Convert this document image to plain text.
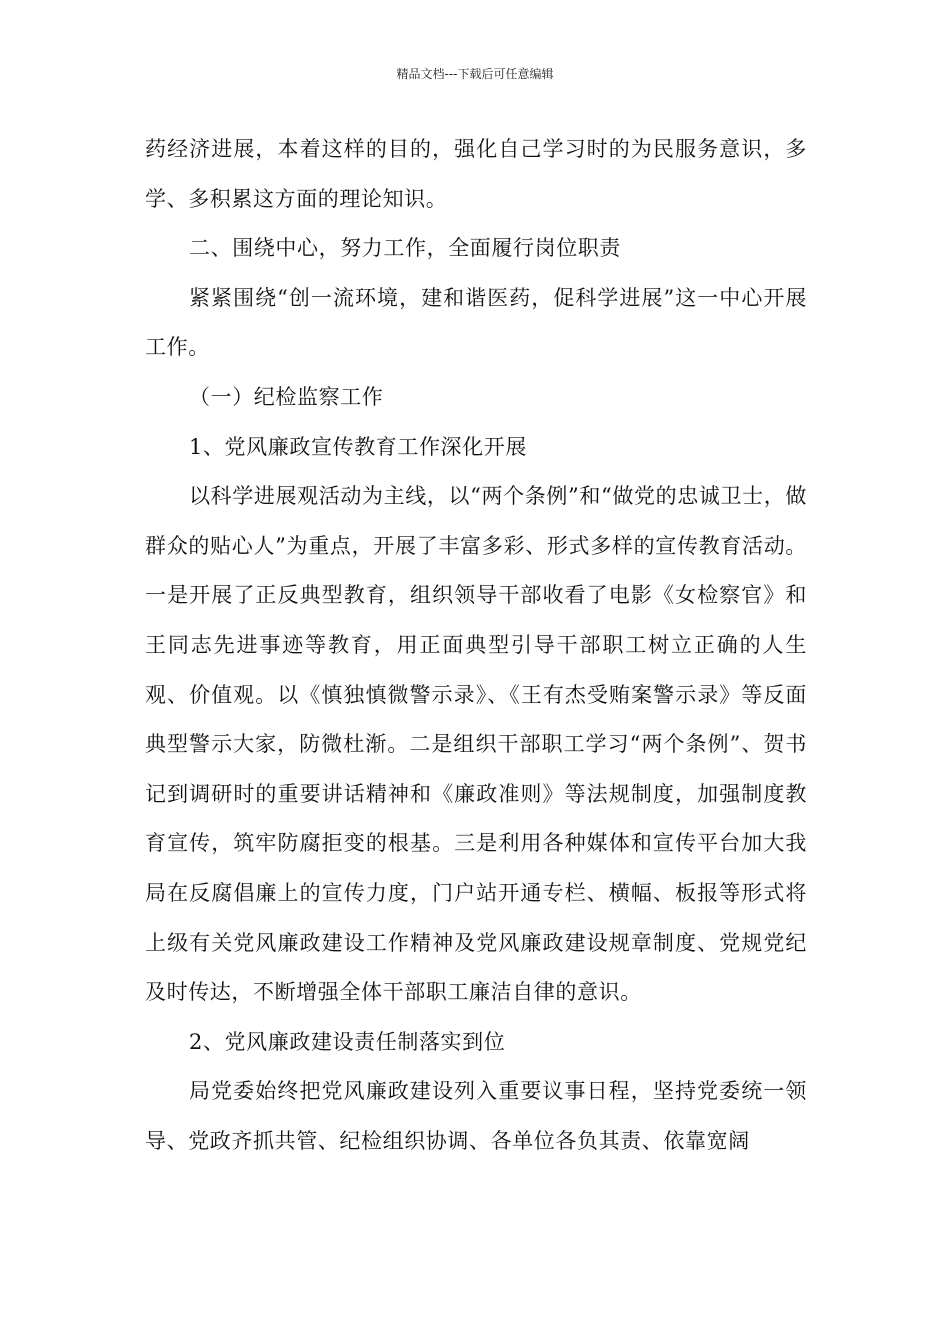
精品文档---下载后可任意编辑

药经济进展，本着这样的目的，强化自己学习时的为民服务意识，多学、多积累这方面的理论知识。

二、围绕中心，努力工作，全面履行岗位职责

紧紧围绕“创一流环境，建和谐医药，促科学进展”这一中心开展工作。

（一）纪检监察工作

1、党风廉政宣传教育工作深化开展

以科学进展观活动为主线，以“两个条例”和“做党的忠诚卫士，做群众的贴心人”为重点，开展了丰富多彩、形式多样的宣传教育活动。一是开展了正反典型教育，组织领导干部收看了电影《女检察官》和王同志先进事迹等教育，用正面典型引导干部职工树立正确的人生观、价值观。以《慎独慎微警示录》、《王有杰受贿案警示录》等反面典型警示大家，防微杜渐。二是组织干部职工学习“两个条例”、贺书记到调研时的重要讲话精神和《廉政准则》等法规制度，加强制度教育宣传，筑牢防腐拒变的根基。三是利用各种媒体和宣传平台加大我局在反腐倡廉上的宣传力度，门户站开通专栏、横幅、板报等形式将上级有关党风廉政建设工作精神及党风廉政建设规章制度、党规党纪及时传达，不断增强全体干部职工廉洁自律的意识。

2、党风廉政建设责任制落实到位

局党委始终把党风廉政建设列入重要议事日程，坚持党委统一领导、党政齐抓共管、纪检组织协调、各单位各负其责、依靠宽阔
